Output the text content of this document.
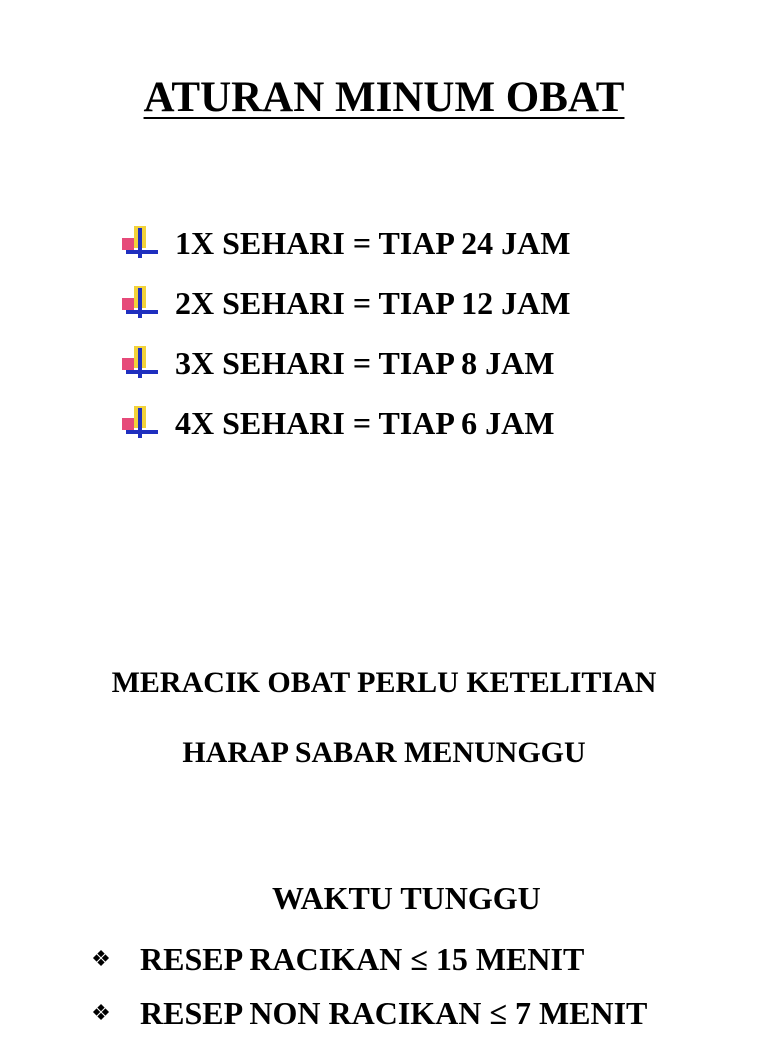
ATURAN MINUM OBAT
1X SEHARI = TIAP 24 JAM
2X SEHARI = TIAP 12 JAM
3X SEHARI = TIAP 8 JAM
4X SEHARI = TIAP 6 JAM
MERACIK OBAT PERLU KETELITIAN
HARAP SABAR MENUNGGU
WAKTU TUNGGU
❖ RESEP RACIKAN ≤ 15 MENIT
❖ RESEP NON RACIKAN ≤ 7 MENIT
